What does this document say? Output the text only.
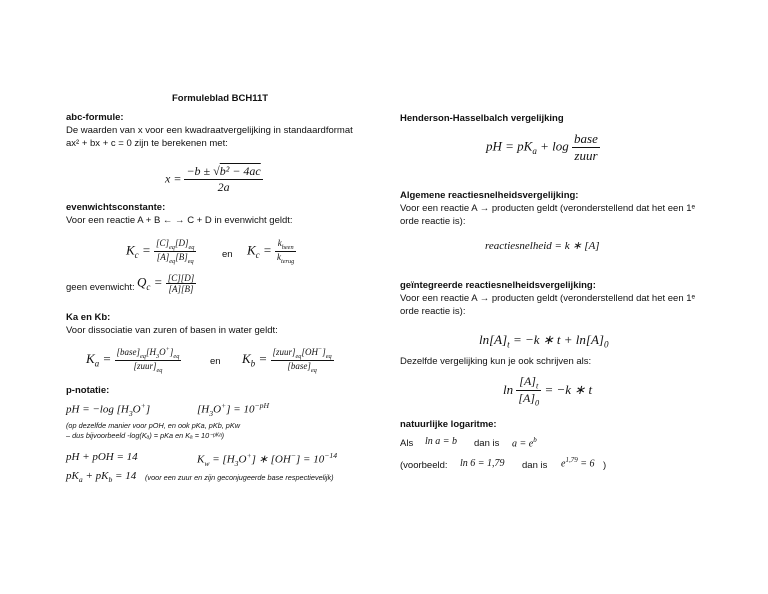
Formuleblad BCH11T
abc-formule:
De waarden van x voor een kwadraatvergelijking in standaardformat
ax² + bx + c = 0 zijn te berekenen met:
$x = \frac{\text{−b ± √b² − 4ac}}{2a}$
evenwichtsconstante:
Voor een reactie A + B ← → C + D in evenwicht geldt:
$K_c = \frac{[C]_{eq}[D]_{eq}}{[A]_{eq}[B]_{eq}}$	en $K_c = \frac{k_{heen}}{k_{terug}}$
geen evenwicht: $Q_c = \frac{[C][D]}{[A][B]}$
Ka en Kb:
Voor dissociatie van zuren of basen in water geldt:
$K_a = \frac{[base]_{eq}[H_3O^+]_{eq}}{[zuur]_{eq}}$	en $K_b = \frac{[zuur]_{eq}[OH^-]_{eq}}{[base]_{eq}}$
p-notatie:
pH = −log $[H_3O^+]$	$[H_3O^+] = 10^{-pH}$
(op dezelfde manier voor pOH, en ook pKa, pKb, pKw
– dus bijvoorbeeld -log(Kₐ) = pKa en Kₐ = 10⁻ᵖᴷᵃ)
pH + pOH = 14	$K_w = [H_3O^+]$ ∗ $[OH^-] = 10^{-14}$
$pK_a + pK_b = 14$ (voor een zuur en zijn geconjugeerde base respectievelijk)
Henderson-Hasselbalch vergelijking
pH = $pK_a + \log \frac{\text{base}}{\text{zuur}}$
Algemene reactiesnelheidsvergelijking:
Voor een reactie A → producten geldt (veronderstellend dat het een 1ᵉ
orde reactie is):
reactiesnelheid = k ∗ [A]
geïntegreerde reactiesnelheidsvergelijking:
Voor een reactie A → producten geldt (veronderstellend dat het een 1ᵉ
orde reactie is):
$\ln[A]_t = -k$ ∗ $t + \ln[A]_0$
Dezelfde vergelijking kun je ook schrijven als:
$\ln \frac{[A]_t}{[A]_0} = -k$ ∗ t
natuurlijke logaritme:
Als ln a = b dan is $a = e^b$
(voorbeeld: ln 6 = 1,79 dan is $e^{1,79} = 6$ )
